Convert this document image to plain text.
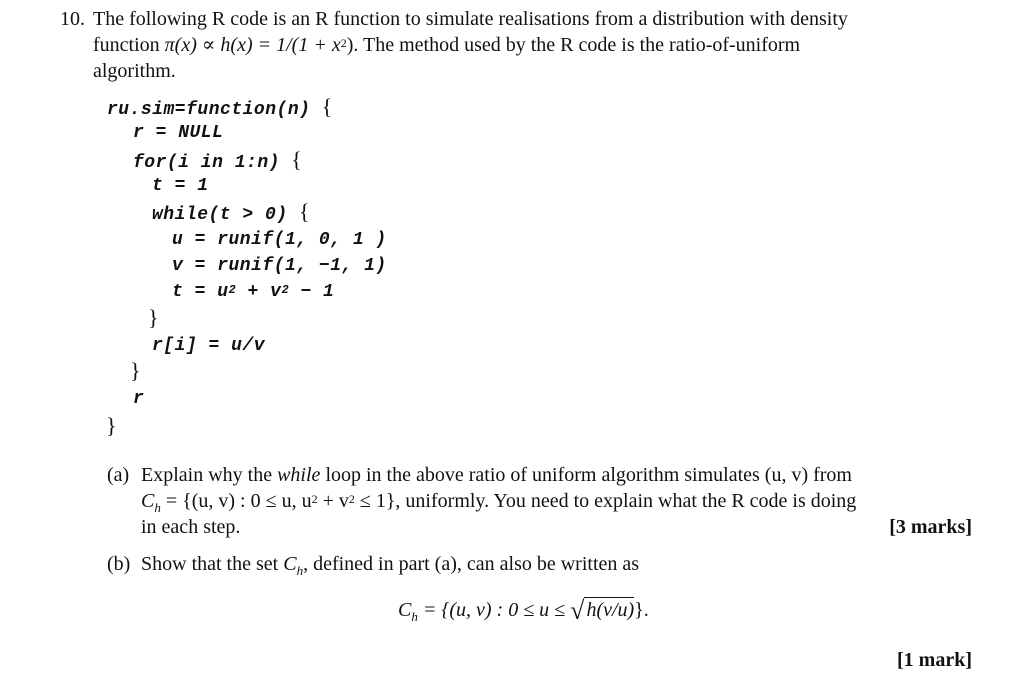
10. The following R code is an R function to simulate realisations from a distribution with density
function $\pi(x) \propto h(x) = 1/(1 + x^2)$. The method used by the R code is the ratio-of-uniform
algorithm.
ru.sim=function(n) {
r = NULL
for(i in 1:n) {
t = 1
while(t > 0) {
u = runif(1, 0, 1 )
v = runif(1, −1, 1)
$t = u^2 + v^2 - 1$
}
r[i] = u/v
}
r
}
(a) Explain why the while loop in the above ratio of uniform algorithm simulates (u, v) from
$C_h = \{(u$, v) : 0 ≤ u, $u^2 + v^2 \le 1$}, uniformly. You need to explain what the R code is doing
in each step.	[3 marks]
(b) Show that the set $C_h$, defined in part (a), can also be written as
$C_h = \{(u$, v) : 0 ≤ u ≤ √ h(v/u)}.
[1 mark]
